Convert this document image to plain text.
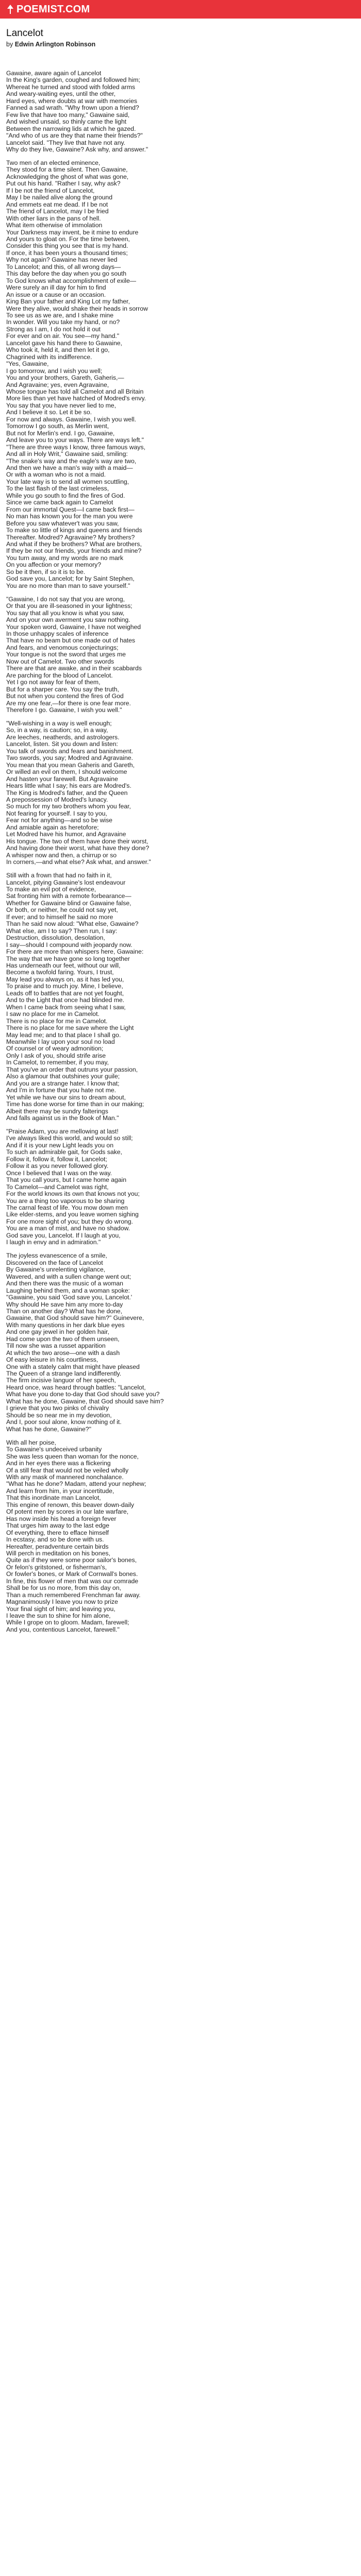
POEMIST.COM
Lancelot
by Edwin Arlington Robinson
Gawaine, aware again of Lancelot
In the King's garden, coughed and followed him;
Whereat he turned and stood with folded arms
And weary-waiting eyes, until the other,
Hard eyes, where doubts at war with memories
Fanned a sad wrath. "Why frown upon a friend?
Few live that have too many," Gawaine said,
And wished unsaid, so thinly came the light
Between the narrowing lids at which he gazed.
"And who of us are they that name their friends?"
Lancelot said. "They live that have not any.
Why do they live, Gawaine? Ask why, and answer."
Two men of an elected eminence,
They stood for a time silent. Then Gawaine,
Acknowledging the ghost of what was gone,
Put out his hand. "Rather I say, why ask?
If I be not the friend of Lancelot,
May I be nailed alive along the ground
And emmets eat me dead. If I be not
The friend of Lancelot, may I be fried
With other liars in the pans of hell.
What item otherwise of immolation
Your Darkness may invent, be it mine to endure
And yours to gloat on. For the time between,
Consider this thing you see that is my hand.
If once, it has been yours a thousand times;
Why not again? Gawaine has never lied
To Lancelot; and this, of all wrong days—
This day before the day when you go south
To God knows what accomplishment of exile—
Were surely an ill day for him to find
An issue or a cause or an occasion.
King Ban your father and King Lot my father,
Were they alive, would shake their heads in sorrow
To see us as we are, and I shake mine
In wonder. Will you take my hand, or no?
Strong as I am, I do not hold it out
For ever and on air. You see—my hand."
Lancelot gave his hand there to Gawaine,
Who took it, held it, and then let it go,
Chagrined with its indifference.
"Yes, Gawaine,
I go tomorrow, and I wish you well;
You and your brothers, Gareth, Gaheris,—
And Agravaine; yes, even Agravaine,
Whose tongue has told all Camelot and all Britain
More lies than yet have hatched of Modred's envy.
You say that you have never lied to me,
And I believe it so. Let it be so.
For now and always. Gawaine, I wish you well.
Tomorrow I go south, as Merlin went,
But not for Merlin's end. I go, Gawaine,
And leave you to your ways. There are ways left."
"There are three ways I know, three famous ways,
And all in Holy Writ," Gawaine said, smiling:
"The snake's way and the eagle's way are two,
And then we have a man's way with a maid—
Or with a woman who is not a maid.
Your late way is to send all women scuttling,
To the last flash of the last crimeless,
While you go south to find the fires of God.
Since we came back again to Camelot
From our immortal Quest—I came back first—
No man has known you for the man you were
Before you saw whatever't was you saw,
To make so little of kings and queens and friends
Thereafter. Modred? Agravaine? My brothers?
And what if they be brothers? What are brothers,
If they be not our friends, your friends and mine?
You turn away, and my words are no mark
On you affection or your memory?
So be it then, if so it is to be.
God save you, Lancelot; for by Saint Stephen,
You are no more than man to save yourself."
"Gawaine, I do not say that you are wrong,
Or that you are ill-seasoned in your lightness;
You say that all you know is what you saw,
And on your own averment you saw nothing.
Your spoken word, Gawaine, I have not weighed
In those unhappy scales of inference
That have no beam but one made out of hates
And fears, and venomous conjecturings;
Your tongue is not the sword that urges me
Now out of Camelot. Two other swords
There are that are awake, and in their scabbards
Are parching for the blood of Lancelot.
Yet I go not away for fear of them,
But for a sharper care. You say the truth,
But not when you contend the fires of God
Are my one fear,—for there is one fear more.
Therefore I go. Gawaine, I wish you well."
"Well-wishing in a way is well enough;
So, in a way, is caution; so, in a way,
Are leeches, neatherds, and astrologers.
Lancelot, listen. Sit you down and listen:
You talk of swords and fears and banishment.
Two swords, you say; Modred and Agravaine.
You mean that you mean Gaheris and Gareth,
Or willed an evil on them, I should welcome
And hasten your farewell. But Agravaine
Hears little what I say; his ears are Modred's.
The King is Modred's father, and the Queen
A prepossession of Modred's lunacy.
So much for my two brothers whom you fear,
Not fearing for yourself. I say to you,
Fear not for anything—and so be wise
And amiable again as heretofore;
Let Modred have his humor, and Agravaine
His tongue. The two of them have done their worst,
And having done their worst, what have they done?
A whisper now and then, a chirrup or so
In corners,—and what else? Ask what, and answer."
Still with a frown that had no faith in it,
Lancelot, pitying Gawaine's lost endeavour
To make an evil pot of evidence,
Sat fronting him with a remote forbearance—
Whether for Gawaine blind or Gawaine false,
Or both, or neither, he could not say yet,
If ever; and to himself he said no more
Than he said now aloud: "What else, Gawaine?
What else, am I to say? Then run, I say:
Destruction, dissolution, desolation,
I say—should I compound with jeopardy now.
For there are more than whispers here, Gawaine:
The way that we have gone so long together
Has underneath our feet, without our will,
Become a twofold faring. Yours, I trust,
May lead you always on, as it has led you,
To praise and to much joy. Mine, I believe,
Leads off to battles that are not yet fought,
And to the Light that once had blinded me.
When I came back from seeing what I saw,
I saw no place for me in Camelot.
There is no place for me in Camelot.
There is no place for me save where the Light
May lead me; and to that place I shall go.
Meanwhile I lay upon your soul no load
Of counsel or of weary admonition;
Only I ask of you, should strife arise
In Camelot, to remember, if you may,
That you've an order that outruns your passion,
Also a glamour that outshines your guile;
And you are a strange hater. I know that;
And I'm in fortune that you hate not me.
Yet while we have our sins to dream about,
Time has done worse for time than in our making;
Albeit there may be sundry falterings
And falls against us in the Book of Man."
"Praise Adam, you are mellowing at last!
I've always liked this world, and would so still;
And if it is your new Light leads you on
To such an admirable gait, for Gods sake,
Follow it, follow it, follow it, Lancelot;
Follow it as you never followed glory.
Once I believed that I was on the way.
That you call yours, but I came home again
To Camelot—and Camelot was right,
For the world knows its own that knows not you;
You are a thing too vaporous to be sharing
The carnal feast of life. You mow down men
Like elder-stems, and you leave women sighing
For one more sight of you; but they do wrong.
You are a man of mist, and have no shadow.
God save you, Lancelot. If I laugh at you,
I laugh in envy and in admiration."
The joyless evanescence of a smile,
Discovered on the face of Lancelot
By Gawaine's unrelenting vigilance,
Wavered, and with a sullen change went out;
And then there was the music of a woman
Laughing behind them, and a woman spoke:
"Gawaine, you said 'God save you, Lancelot.'
Why should He save him any more to-day
Than on another day? What has he done,
Gawaine, that God should save him?" Guinevere,
With many questions in her dark blue eyes
And one gay jewel in her golden hair,
Had come upon the two of them unseen,
Till now she was a russet apparition
At which the two arose—one with a dash
Of easy leisure in his courtliness,
One with a stately calm that might have pleased
The Queen of a strange land indifferently.
The firm incisive languor of her speech,
Heard once, was heard through battles: "Lancelot,
What have you done to-day that God should save you?
What has he done, Gawaine, that God should save him?
I grieve that you two pinks of chivalry
Should be so near me in my devotion,
And I, poor soul alone, know nothing of it.
What has he done, Gawaine?"
With all her poise,
To Gawaine's undeceived urbanity
She was less queen than woman for the nonce,
And in her eyes there was a flickering
Of a still fear that would not be veiled wholly
With any mask of mannered nonchalance.
"What has he done? Madam, attend your nephew;
And learn from him, in your incertitude,
That this inordinate man Lancelot,
This engine of renown, this beaver down-daily
Of potent men by scores in our late warfare,
Has now inside his head a foreign fever
That urges him away to the last edge
Of everything, there to efface himself
In ecstasy, and so be done with us.
Hereafter, peradventure certain birds
Will perch in meditation on his bones,
Quite as if they were some poor sailor's bones,
Or felon's gritstoned, or fisherman's,
Or fowler's bones, or Mark of Cornwall's bones.
In fine, this flower of men that was our comrade
Shall be for us no more, from this day on,
Than a much remembered Frenchman far away.
Magnanimously I leave you now to prize
Your final sight of him; and leaving you,
I leave the sun to shine for him alone,
While I grope on to gloom. Madam, farewell;
And you, contentious Lancelot, farewell."
